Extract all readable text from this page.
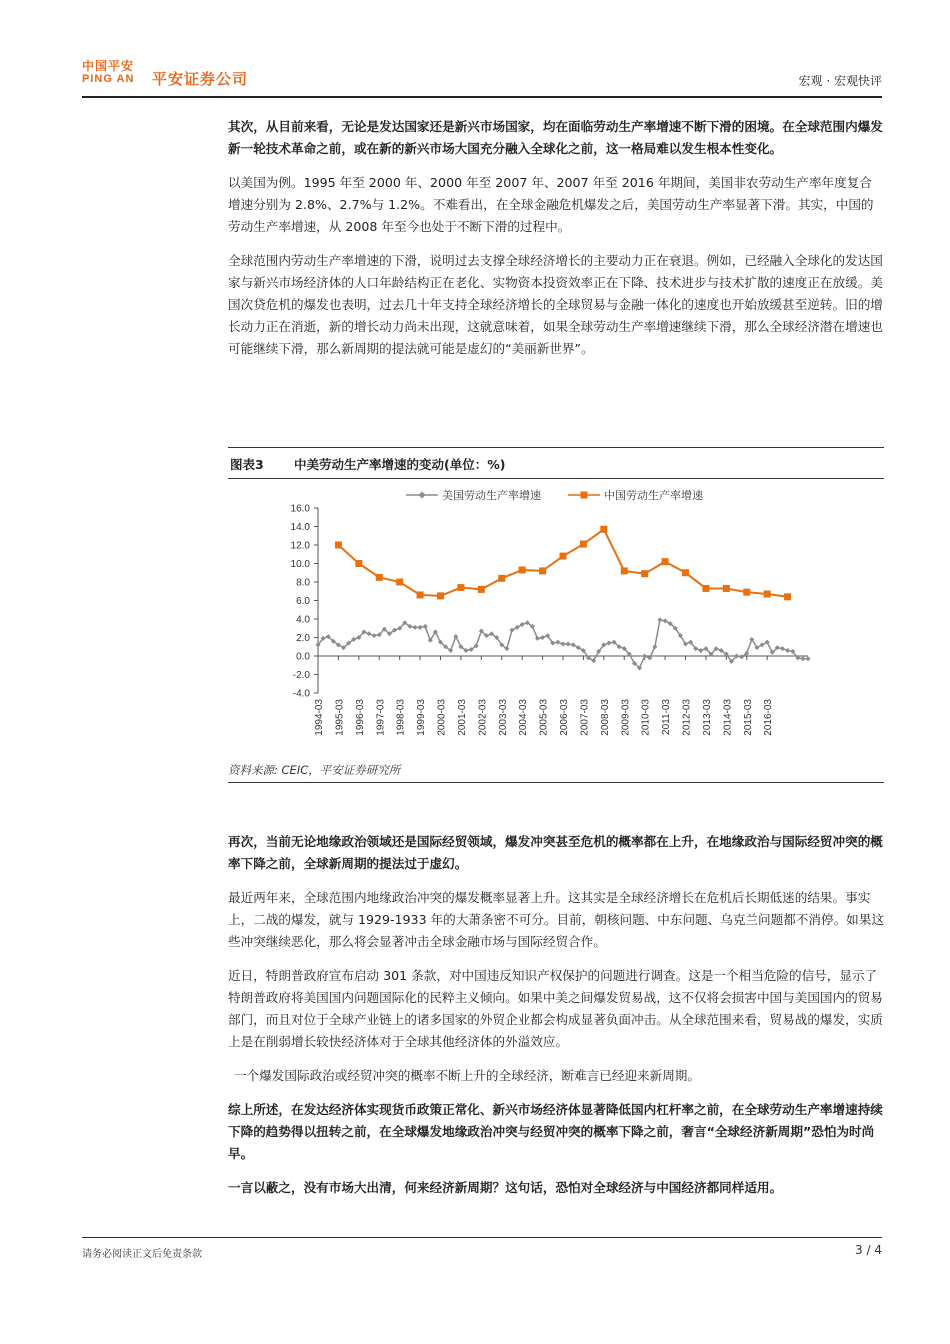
中国平安
PING AN 平安证券公司	宏观 · 宏观快评

其次，从目前来看，无论是发达国家还是新兴市场国家，均在面临劳动生产率增速不断下滑的困境。在全球范围内爆发新一轮技术革命之前，或在新的新兴市场大国充分融入全球化之前，这一格局难以发生根本性变化。

以美国为例。1995 年至 2000 年、2000 年至 2007 年、2007 年至 2016 年期间，美国非农劳动生产率年度复合增速分别为 2.8%、2.7%与 1.2%。不难看出，在全球金融危机爆发之后，美国劳动生产率显著下滑。其实，中国的劳动生产率增速，从 2008 年至今也处于不断下滑的过程中。

全球范围内劳动生产率增速的下滑，说明过去支撑全球经济增长的主要动力正在衰退。例如，已经融入全球化的发达国家与新兴市场经济体的人口年龄结构正在老化、实物资本投资效率正在下降、技术进步与技术扩散的速度正在放缓。美国次贷危机的爆发也表明，过去几十年支持全球经济增长的全球贸易与金融一体化的速度也开始放缓甚至逆转。旧的增长动力正在消逝，新的增长动力尚未出现，这就意味着，如果全球劳动生产率增速继续下滑，那么全球经济潜在增速也可能继续下滑，那么新周期的提法就可能是虚幻的“美丽新世界”。

图表3 中美劳动生产率增速的变动(单位：%)
美国劳动生产率增速	中国劳动生产率增速
16.0
14.0
12.0
10.0
8.0
6.0
4.0
2.0
0.0
-2.0
-4.0
1994-03 1995-03 1996-03 1997-03 1998-03 1999-03 2000-03 2001-03 2002-03 2003-03 2004-03 2005-03 2006-03 2007-03 2008-03 2009-03 2010-03 2011-03 2012-03 2013-03 2014-03 2015-03 2016-03
资料来源: CEIC，平安证券研究所

再次，当前无论地缘政治领域还是国际经贸领域，爆发冲突甚至危机的概率都在上升，在地缘政治与国际经贸冲突的概率下降之前，全球新周期的提法过于虚幻。

最近两年来，全球范围内地缘政治冲突的爆发概率显著上升。这其实是全球经济增长在危机后长期低迷的结果。事实上，二战的爆发，就与 1929-1933 年的大萧条密不可分。目前，朝核问题、中东问题、乌克兰问题都不消停。如果这些冲突继续恶化，那么将会显著冲击全球金融市场与国际经贸合作。

近日，特朗普政府宣布启动 301 条款，对中国违反知识产权保护的问题进行调查。这是一个相当危险的信号，显示了特朗普政府将美国国内问题国际化的民粹主义倾向。如果中美之间爆发贸易战，这不仅将会损害中国与美国国内的贸易部门，而且对位于全球产业链上的诸多国家的外贸企业都会构成显著负面冲击。从全球范围来看，贸易战的爆发，实质上是在削弱增长较快经济体对于全球其他经济体的外溢效应。

一个爆发国际政治或经贸冲突的概率不断上升的全球经济，断难言已经迎来新周期。

综上所述，在发达经济体实现货币政策正常化、新兴市场经济体显著降低国内杠杆率之前，在全球劳动生产率增速持续下降的趋势得以扭转之前，在全球爆发地缘政治冲突与经贸冲突的概率下降之前，奢言“全球经济新周期”恐怕为时尚早。

一言以蔽之，没有市场大出清，何来经济新周期？这句话，恐怕对全球经济与中国经济都同样适用。

请务必阅读正文后免责条款	3 / 4
